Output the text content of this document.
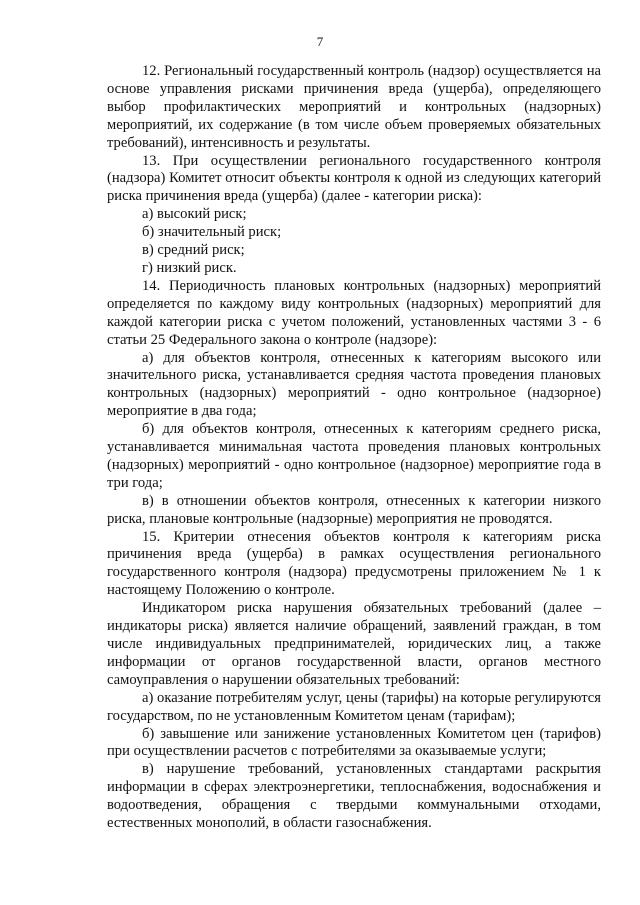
7

12. Региональный государственный контроль (надзор) осуществляется на основе управления рисками причинения вреда (ущерба), определяющего выбор профилактических мероприятий и контрольных (надзорных) мероприятий, их содержание (в том числе объем проверяемых обязательных требований), интенсивность и результаты.

13. При осуществлении регионального государственного контроля (надзора) Комитет относит объекты контроля к одной из следующих категорий риска причинения вреда (ущерба) (далее - категории риска):

а) высокий риск;

б) значительный риск;

в) средний риск;

г) низкий риск.

14. Периодичность плановых контрольных (надзорных) мероприятий определяется по каждому виду контрольных (надзорных) мероприятий для каждой категории риска с учетом положений, установленных частями 3 - 6 статьи 25 Федерального закона о контроле (надзоре):

а) для объектов контроля, отнесенных к категориям высокого или значительного риска, устанавливается средняя частота проведения плановых контрольных (надзорных) мероприятий - одно контрольное (надзорное) мероприятие в два года;

б) для объектов контроля, отнесенных к категориям среднего риска, устанавливается минимальная частота проведения плановых контрольных (надзорных) мероприятий - одно контрольное (надзорное) мероприятие года в три года;

в) в отношении объектов контроля, отнесенных к категории низкого риска, плановые контрольные (надзорные) мероприятия не проводятся.

15. Критерии отнесения объектов контроля к категориям риска причинения вреда (ущерба) в рамках осуществления регионального государственного контроля (надзора) предусмотрены приложением № 1 к настоящему Положению о контроле.

Индикатором риска нарушения обязательных требований (далее – индикаторы риска) является наличие обращений, заявлений граждан, в том числе индивидуальных предпринимателей, юридических лиц, а также информации от органов государственной власти, органов местного самоуправления о нарушении обязательных требований:

а) оказание потребителям услуг, цены (тарифы) на которые регулируются государством, по не установленным Комитетом ценам (тарифам);

б) завышение или занижение установленных Комитетом цен (тарифов) при осуществлении расчетов с потребителями за оказываемые услуги;

в) нарушение требований, установленных стандартами раскрытия информации в сферах электроэнергетики, теплоснабжения, водоснабжения и водоотведения, обращения с твердыми коммунальными отходами, естественных монополий, в области газоснабжения.
